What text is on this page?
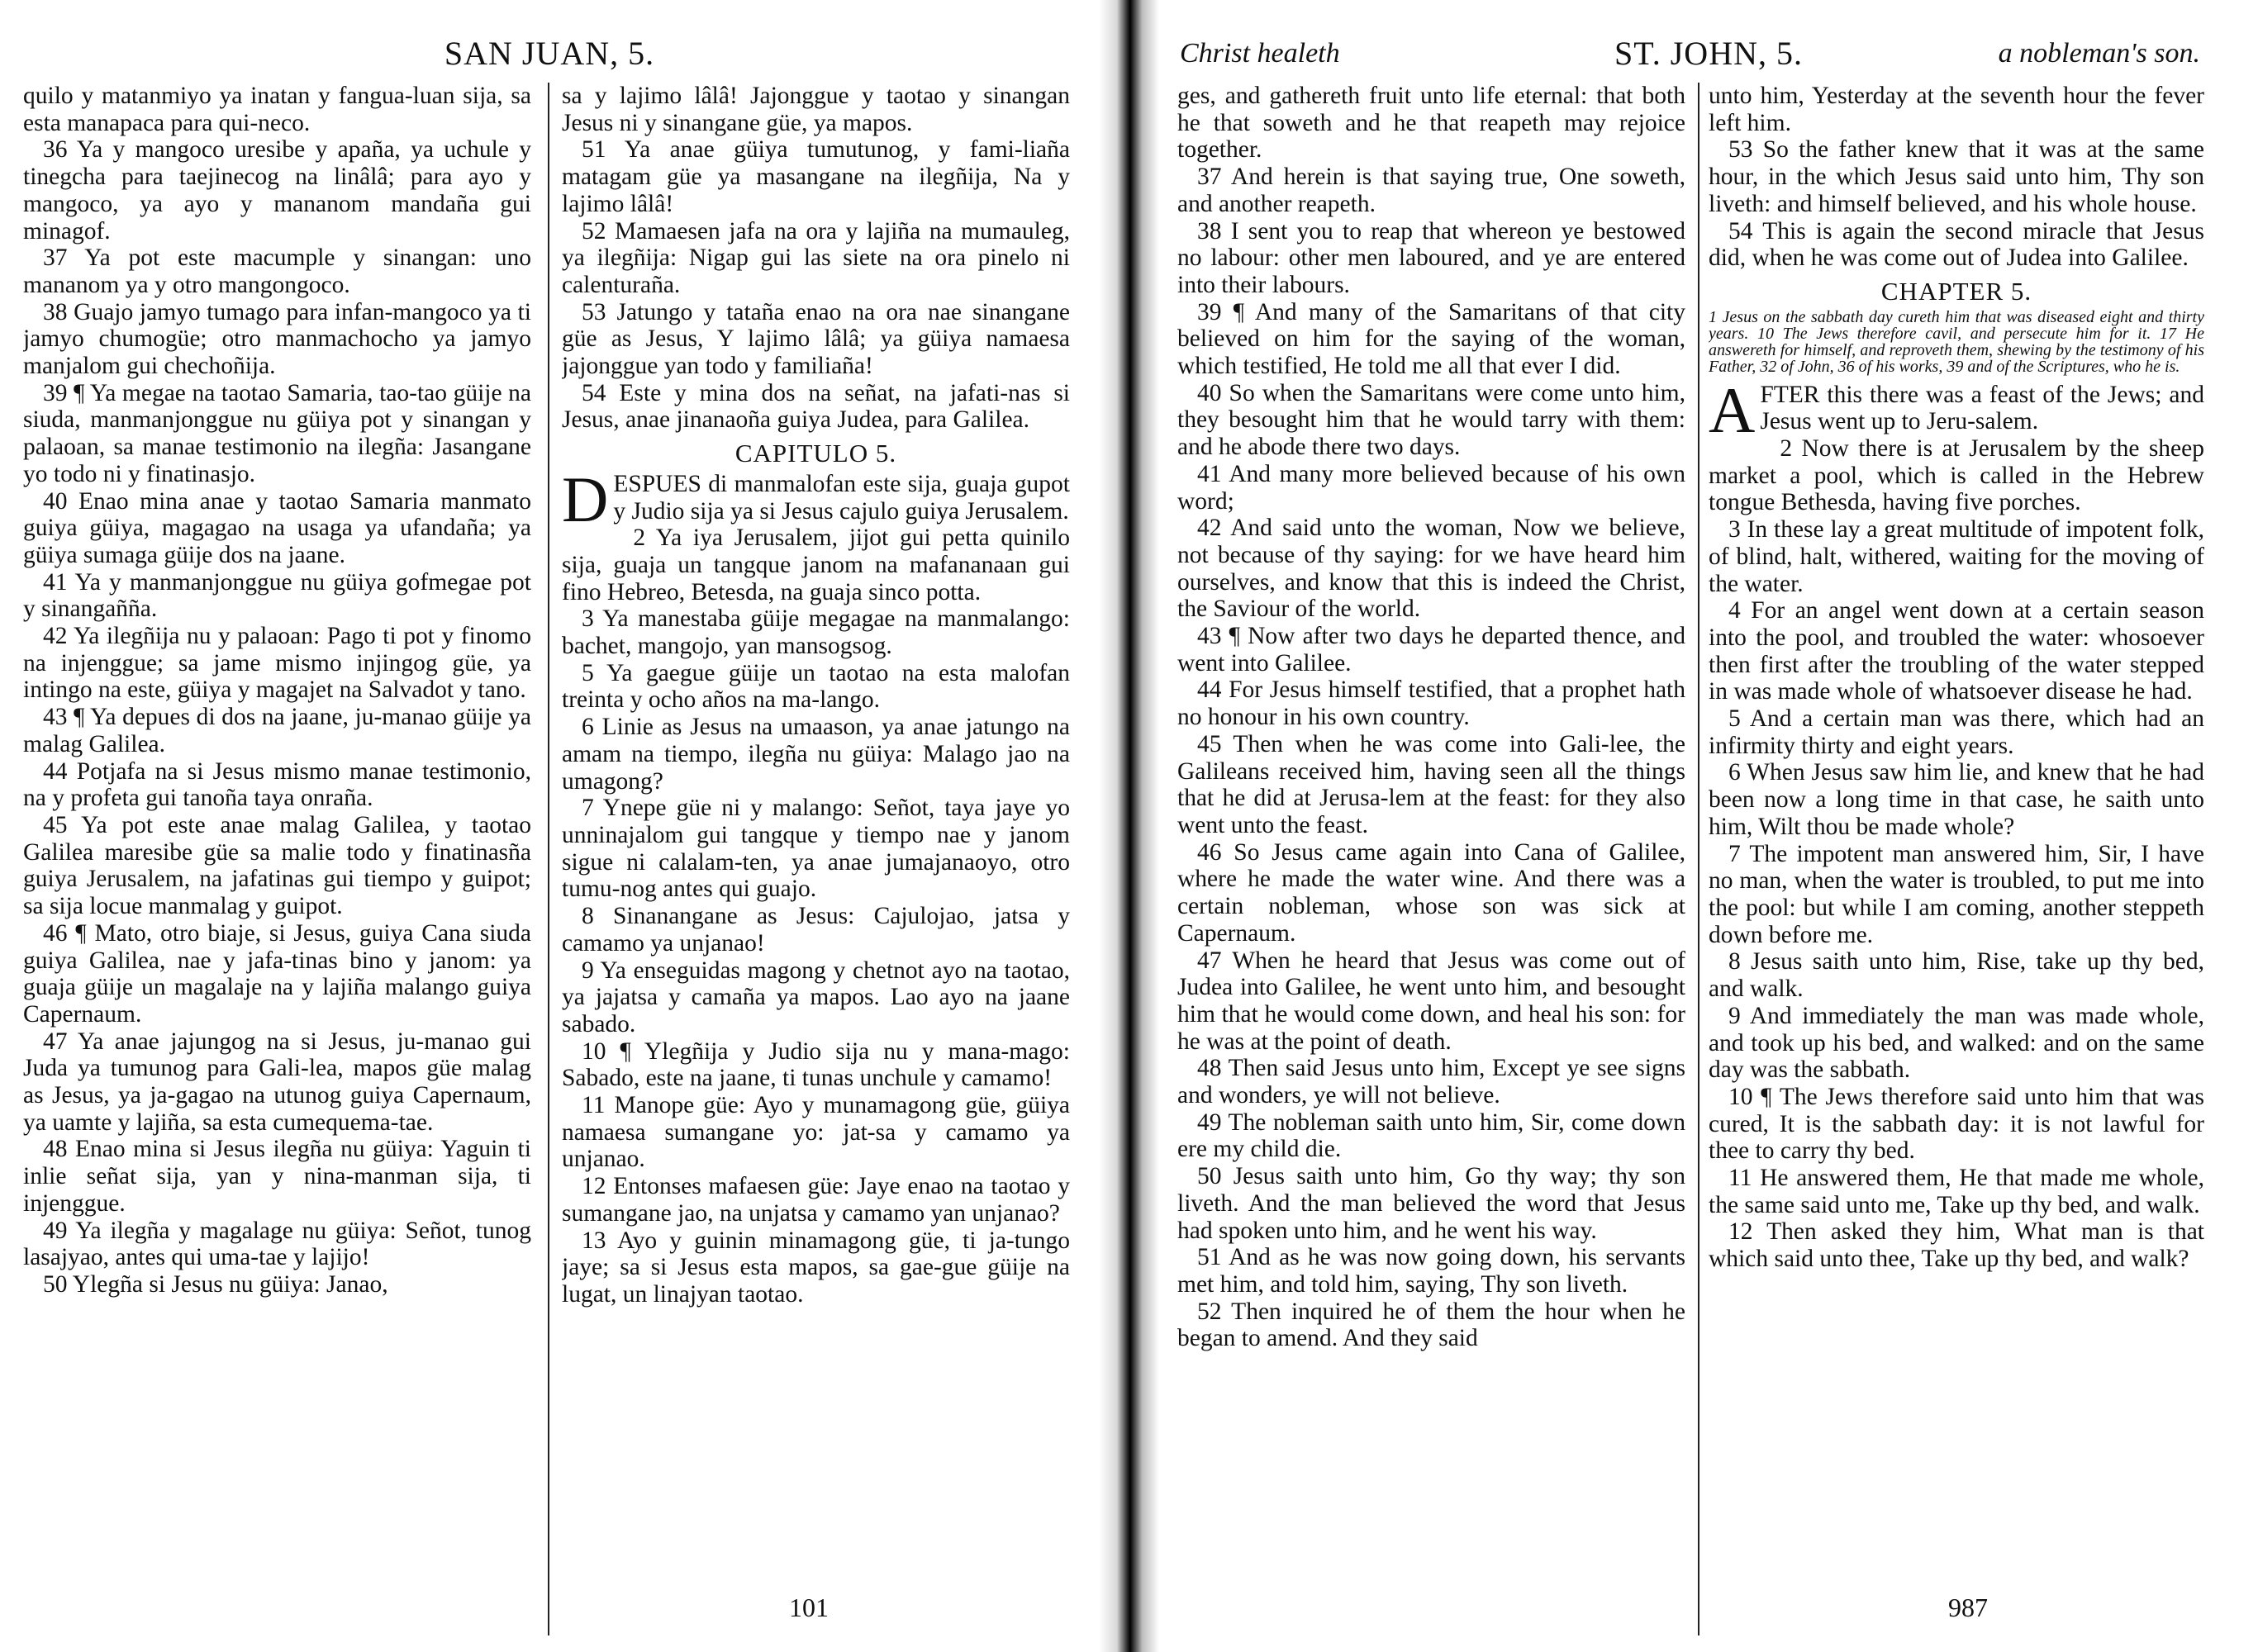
SAN JUAN, 5.

quilo y matanmiyo ya inatan y fangua-luan sija, sa esta manapaca para qui-neco.

36 Ya y mangoco uresibe y apaña, ya uchule y tinegcha para taejinecog na linâlâ; para ayo y mangoco, ya ayo y mananom mandaña gui minagof.

37 Ya pot este macumple y sinangan: uno mananom ya y otro mangongoco.

38 Guajo jamyo tumago para infan-mangoco ya ti jamyo chumogüe; otro manmachocho ya jamyo manjalom gui chechoñija.

39 ¶ Ya megae na taotao Samaria, tao-tao güije na siuda, manmanjonggue nu güiya pot y sinangan y palaoan, sa manae testimonio na ilegña: Jasangane yo todo ni y finatinasjo.

40 Enao mina anae y taotao Samaria manmato guiya güiya, magagao na usaga ya ufandaña; ya güiya sumaga güije dos na jaane.

41 Ya y manmanjonggue nu güiya gofmegae pot y sinangañña.

42 Ya ilegñija nu y palaoan: Pago ti pot y finomo na injenggue; sa jame mismo injingog güe, ya intingo na este, güiya y magajet na Salvadot y tano.

43 ¶ Ya depues di dos na jaane, ju-manao güije ya malag Galilea.

44 Potjafa na si Jesus mismo manae testimonio, na y profeta gui tanoña taya onraña.

45 Ya pot este anae malag Galilea, y taotao Galilea maresibe güe sa malie todo y finatinasña guiya Jerusalem, na jafatinas gui tiempo y guipot; sa sija locue manmalag y guipot.

46 ¶ Mato, otro biaje, si Jesus, guiya Cana siuda guiya Galilea, nae y jafa-tinas bino y janom: ya guaja güije un magalaje na y lajiña malango guiya Capernaum.

47 Ya anae jajungog na si Jesus, ju-manao gui Juda ya tumunog para Gali-lea, mapos güe malag as Jesus, ya ja-gagao na utunog guiya Capernaum, ya uamte y lajiña, sa esta cumequema-tae.

48 Enao mina si Jesus ilegña nu güiya: Yaguin ti inlie señat sija, yan y nina-manman sija, ti injenggue.

49 Ya ilegña y magalage nu güiya: Señot, tunog lasajyao, antes qui uma-tae y lajijo!

50 Ylegña si Jesus nu güiya: Janao,

sa y lajimo lâlâ! Jajonggue y taotao y sinangan Jesus ni y sinangane güe, ya mapos.

51 Ya anae güiya tumutunog, y fami-liaña matagam güe ya masangane na ilegñija, Na y lajimo lâlâ!

52 Mamaesen jafa na ora y lajiña na mumauleg, ya ilegñija: Nigap gui las siete na ora pinelo ni calenturaña.

53 Jatungo y tataña enao na ora nae sinangane güe as Jesus, Y lajimo lâlâ; ya güiya namaesa jajonggue yan todo y familiaña!

54 Este y mina dos na señat, na jafati-nas si Jesus, anae jinanaoña guiya Judea, para Galilea.

CAPITULO 5.

DESPUES di manmalofan este sija, guaja gupot y Judio sija ya si Jesus cajulo guiya Jerusalem.

2 Ya iya Jerusalem, jijot gui petta quinilo sija, guaja un tangque janom na mafananaan gui fino Hebreo, Betesda, na guaja sinco potta.

3 Ya manestaba güije megagae na manmalango: bachet, mangojo, yan mansogsog.

5 Ya gaegue güije un taotao na esta malofan treinta y ocho años na ma-lango.

6 Linie as Jesus na umaason, ya anae jatungo na amam na tiempo, ilegña nu güiya: Malago jao na umagong?

7 Ynepe güe ni y malango: Señot, taya jaye yo unninajalom gui tangque y tiempo nae y janom sigue ni calalam-ten, ya anae jumajanaoyo, otro tumu-nog antes qui guajo.

8 Sinanangane as Jesus: Cajulojao, jatsa y camamo ya unjanao!

9 Ya enseguidas magong y chetnot ayo na taotao, ya jajatsa y camaña ya mapos. Lao ayo na jaane sabado.

10 ¶ Ylegñija y Judio sija nu y mana-mago: Sabado, este na jaane, ti tunas unchule y camamo!

11 Manope güe: Ayo y munamagong güe, güiya namaesa sumangane yo: jat-sa y camamo ya unjanao.

12 Entonses mafaesen güe: Jaye enao na taotao y sumangane jao, na unjatsa y camamo yan unjanao?

13 Ayo y guinin minamagong güe, ti ja-tungo jaye; sa si Jesus esta mapos, sa gae-gue güije na lugat, un linajyan taotao.

101
Christ healeth	ST. JOHN, 5.	a nobleman's son.

ges, and gathereth fruit unto life eternal: that both he that soweth and he that reapeth may rejoice together.

37 And herein is that saying true, One soweth, and another reapeth.

38 I sent you to reap that whereon ye bestowed no labour: other men laboured, and ye are entered into their labours.

39 ¶ And many of the Samaritans of that city believed on him for the saying of the woman, which testified, He told me all that ever I did.

40 So when the Samaritans were come unto him, they besought him that he would tarry with them: and he abode there two days.

41 And many more believed because of his own word;

42 And said unto the woman, Now we believe, not because of thy saying: for we have heard him ourselves, and know that this is indeed the Christ, the Saviour of the world.

43 ¶ Now after two days he departed thence, and went into Galilee.

44 For Jesus himself testified, that a prophet hath no honour in his own country.

45 Then when he was come into Gali-lee, the Galileans received him, having seen all the things that he did at Jerusa-lem at the feast: for they also went unto the feast.

46 So Jesus came again into Cana of Galilee, where he made the water wine. And there was a certain nobleman, whose son was sick at Capernaum.

47 When he heard that Jesus was come out of Judea into Galilee, he went unto him, and besought him that he would come down, and heal his son: for he was at the point of death.

48 Then said Jesus unto him, Except ye see signs and wonders, ye will not believe.

49 The nobleman saith unto him, Sir, come down ere my child die.

50 Jesus saith unto him, Go thy way; thy son liveth. And the man believed the word that Jesus had spoken unto him, and he went his way.

51 And as he was now going down, his servants met him, and told him, saying, Thy son liveth.

52 Then inquired he of them the hour when he began to amend. And they said

unto him, Yesterday at the seventh hour the fever left him.

53 So the father knew that it was at the same hour, in the which Jesus said unto him, Thy son liveth: and himself believed, and his whole house.

54 This is again the second miracle that Jesus did, when he was come out of Judea into Galilee.

CHAPTER 5.
1 Jesus on the sabbath day cureth him that was diseased eight and thirty years. 10 The Jews therefore cavil, and persecute him for it. 17 He answereth for himself, and reproveth them, shewing by the testimony of his Father, 32 of John, 36 of his works, 39 and of the Scriptures, who he is.

AFTER this there was a feast of the Jews; and Jesus went up to Jeru-salem.

2 Now there is at Jerusalem by the sheep market a pool, which is called in the Hebrew tongue Bethesda, having five porches.

3 In these lay a great multitude of impotent folk, of blind, halt, withered, waiting for the moving of the water.

4 For an angel went down at a certain season into the pool, and troubled the water: whosoever then first after the troubling of the water stepped in was made whole of whatsoever disease he had.

5 And a certain man was there, which had an infirmity thirty and eight years.

6 When Jesus saw him lie, and knew that he had been now a long time in that case, he saith unto him, Wilt thou be made whole?

7 The impotent man answered him, Sir, I have no man, when the water is troubled, to put me into the pool: but while I am coming, another steppeth down before me.

8 Jesus saith unto him, Rise, take up thy bed, and walk.

9 And immediately the man was made whole, and took up his bed, and walked: and on the same day was the sabbath.

10 ¶ The Jews therefore said unto him that was cured, It is the sabbath day: it is not lawful for thee to carry thy bed.

11 He answered them, He that made me whole, the same said unto me, Take up thy bed, and walk.

12 Then asked they him, What man is that which said unto thee, Take up thy bed, and walk?

987
